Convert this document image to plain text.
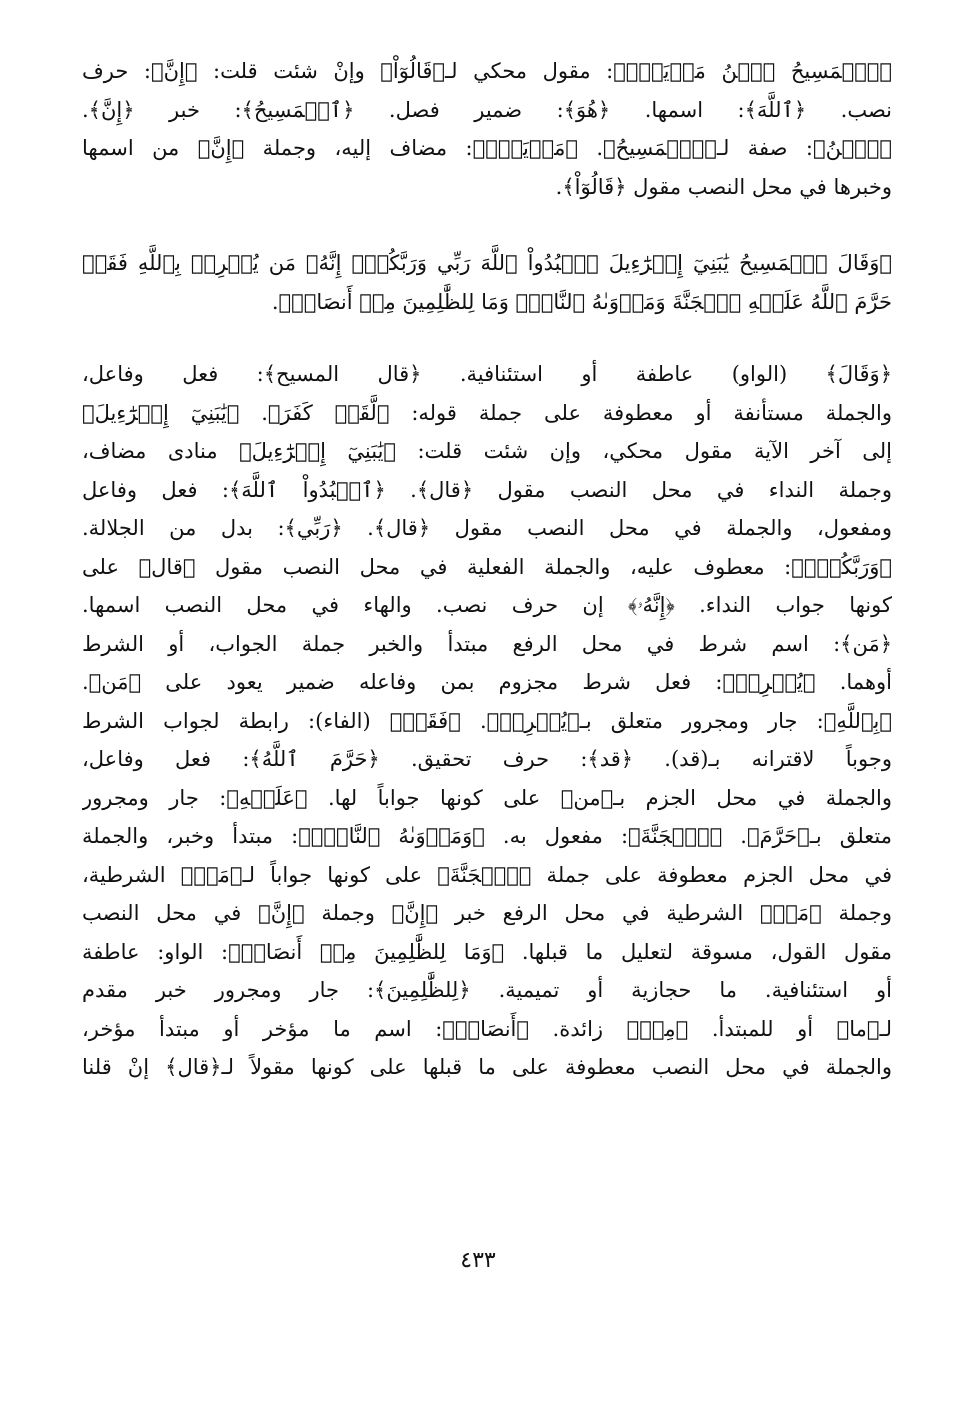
﴿ٱلۡمَسِيحُ ٱبۡنُ مَرۡيَمَۖ﴾: مقول محكي لـ﴿قَالُوٓاْ﴾ وإنْ شئت قلت: ﴿إِنَّ﴾: حرف

نصب. ﴿ٱللَّهَ﴾: اسمها. ﴿هُوَ﴾: ضمير فصل. ﴿ٱلۡمَسِيحُ﴾: خبر ﴿إِنَّ﴾.

﴿ٱبۡنُ﴾: صفة لـ﴿ٱلۡمَسِيحُ﴾. ﴿مَرۡيَمَۖ﴾: مضاف إليه، وجملة ﴿إِنَّ﴾ من اسمها

وخبرها في محل النصب مقول ﴿قَالُوٓاْ﴾.

﴿وَقَالَ ٱلۡمَسِيحُ يَٰبَنِيٓ إِسۡرَٰٓءِيلَ ٱعۡبُدُواْ ٱللَّهَ رَبِّي وَرَبَّكُمۡۖ إِنَّهُۥ مَن يُشۡرِكۡ بِٱللَّهِ فَقَدۡ

حَرَّمَ ٱللَّهُ عَلَيۡهِ ٱلۡجَنَّةَ وَمَأۡوَىٰهُ ٱلنَّارُۖ وَمَا لِلظَّٰلِمِينَ مِنۡ أَنصَارٖ﴾.

﴿وَقَالَ﴾ (الواو) عاطفة أو استئنافية. ﴿قال المسيح﴾: فعل وفاعل،

والجملة مستأنفة أو معطوفة على جملة قوله: ﴿لَّقَدۡ كَفَرَ﴾. ﴿يَٰبَنِيٓ إِسۡرَٰٓءِيلَ﴾

إلى آخر الآية مقول محكي، وإن شئت قلت: ﴿يَٰبَنِيٓ إِسۡرَٰٓءِيلَ﴾ منادى مضاف،

وجملة النداء في محل النصب مقول ﴿قال﴾. ﴿ٱعۡبُدُواْ ٱللَّهَ﴾: فعل وفاعل

ومفعول، والجملة في محل النصب مقول ﴿قال﴾. ﴿رَبِّي﴾: بدل من الجلالة.

﴿وَرَبَّكُمۡۖ﴾: معطوف عليه، والجملة الفعلية في محل النصب مقول ﴿قال﴾ على

كونها جواب النداء. ﴿إِنَّهُۥ﴾ إن حرف نصب. والهاء في محل النصب اسمها.

﴿مَن﴾: اسم شرط في محل الرفع مبتدأ والخبر جملة الجواب، أو الشرط

أوهما. ﴿يُشۡرِكۡ﴾: فعل شرط مجزوم بمن وفاعله ضمير يعود على ﴿مَن﴾.

﴿بِٱللَّهِ﴾: جار ومجرور متعلق بـ﴿يُشۡرِكۡ﴾. ﴿فَقَدۡ﴾ (الفاء): رابطة لجواب الشرط

وجوباً لاقترانه بـ(قد). ﴿قد﴾: حرف تحقيق. ﴿حَرَّمَ ٱللَّهُ﴾: فعل وفاعل،

والجملة في محل الجزم بـ﴿من﴾ على كونها جواباً لها. ﴿عَلَيۡهِ﴾: جار ومجرور

متعلق بـ﴿حَرَّمَ﴾. ﴿ٱلۡجَنَّةَ﴾: مفعول به. ﴿وَمَأۡوَىٰهُ ٱلنَّارُۖ﴾: مبتدأ وخبر، والجملة

في محل الجزم معطوفة على جملة ﴿ٱلۡجَنَّةَ﴾ على كونها جواباً لـ﴿مَنۡ﴾ الشرطية،

وجملة ﴿مَنۡ﴾ الشرطية في محل الرفع خبر ﴿إِنَّ﴾ وجملة ﴿إِنَّ﴾ في محل النصب

مقول القول، مسوقة لتعليل ما قبلها. ﴿وَمَا لِلظَّٰلِمِينَ مِنۡ أَنصَارٖ﴾: الواو: عاطفة

أو استئنافية. ما حجازية أو تميمية. ﴿لِلظَّٰلِمِينَ﴾: جار ومجرور خبر مقدم

لـ﴿ما﴾ أو للمبتدأ. ﴿مِنۡ﴾ زائدة. ﴿أَنصَارٖ﴾: اسم ما مؤخر أو مبتدأ مؤخر،

والجملة في محل النصب معطوفة على ما قبلها على كونها مقولاً لـ﴿قال﴾ إنْ قلنا

٤٣٣
